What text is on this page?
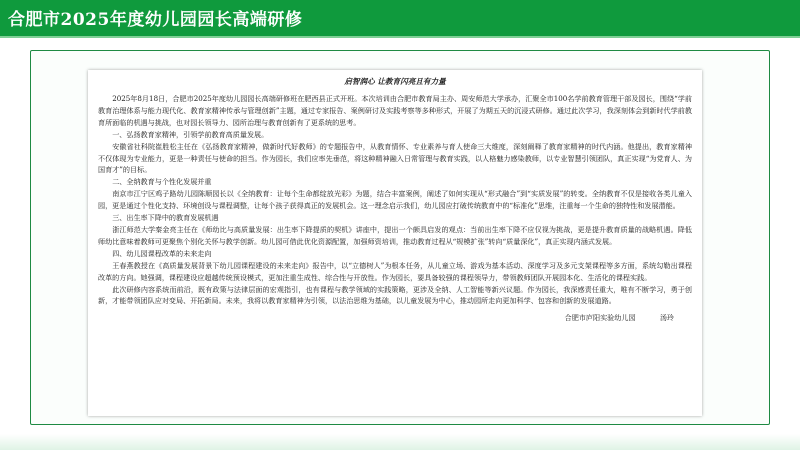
合肥市2025年度幼儿园园长高端研修
启智润心 让教育闪亮且有力量

2025年8月18日，合肥市2025年度幼儿园园长高端研修班在肥西县正式开班。本次培训由合肥市教育局主办、周安师范大学承办，汇聚全市100名学前教育管理干部及园长，围绕“学前教育治理体系与能力现代化、教育家精神传承与管理创新”主题，通过专家报告、案例研讨及实践考察等多种形式，开展了为期五天的沉浸式研修。通过此次学习，我深刻体会到新时代学前教育所面临的机遇与挑战，也对园长领导力、园所治理与教育创新有了更系统的思考。

一、弘扬教育家精神，引领学前教育高质量发展。

安徽省社科院崔胜松主任在《弘扬教育家精神，做新时代好教师》的专题报告中，从教育情怀、专业素养与育人使命三大维度，深刻阐释了教育家精神的时代内涵。他提出，教育家精神不仅体现为专业能力，更是一种责任与使命的担当。作为园长，我们应率先垂范，将这种精神融入日常管理与教育实践，以人格魅力感染教师，以专业智慧引领团队，真正实现“为党育人、为国育才”的目标。

二、全纳教育与个性化发展并重

南京市江宁区鸡子路幼儿园陈顺园长以《全纳教育：让每个生命都绽放光彩》为题，结合丰富案例，阐述了如何实现从“形式融合”到“实质发展”的转变。全纳教育不仅是接收各类儿童入园，更是通过个性化支持、环境创设与课程调整，让每个孩子获得真正的发展机会。这一理念启示我们，幼儿园应打破传统教育中的“标准化”思维，注重每一个生命的独特性和发展潜能。

三、出生率下降中的教育发展机遇

浙江师范大学秦金亮主任在《师幼比与高质量发展：出生率下降提质的契机》讲座中，提出一个颇具启发的观点：当前出生率下降不应仅视为挑战，更是提升教育质量的战略机遇。降低师幼比意味着教师可更聚焦个别化关怀与教学创新。幼儿园可借此优化资源配置，加强师资培训，推动教育过程从“规模扩张”转向“质量深化”，真正实现内涵式发展。

四、幼儿园课程改革的未来走向

王春燕教授在《高质量发展背景下幼儿园课程建设的未来走向》报告中，以“立德树人”为根本任务，从儿童立场、游戏为基本活动、深度学习及多元支架课程等多方面，系统勾勒出课程改革的方向。她强调，课程建设应超越传统预设模式，更加注重生成性、综合性与开放性。作为园长，要具备较强的课程领导力，带领教师团队开展园本化、生活化的课程实践。

此次研修内容系统而前沿，既有政策与法律层面的宏观指引，也有课程与教学领域的实践策略，更涉及全纳、人工智能等新兴议题。作为园长，我深感责任重大，唯有不断学习，勇于创新，才能带领团队应对变局、开拓新局。未来，我将以教育家精神为引领，以法治思维为基础，以儿童发展为中心，推动园所走向更加科学、包容和创新的发展道路。

合肥市庐阳实验幼儿园	汤玲
